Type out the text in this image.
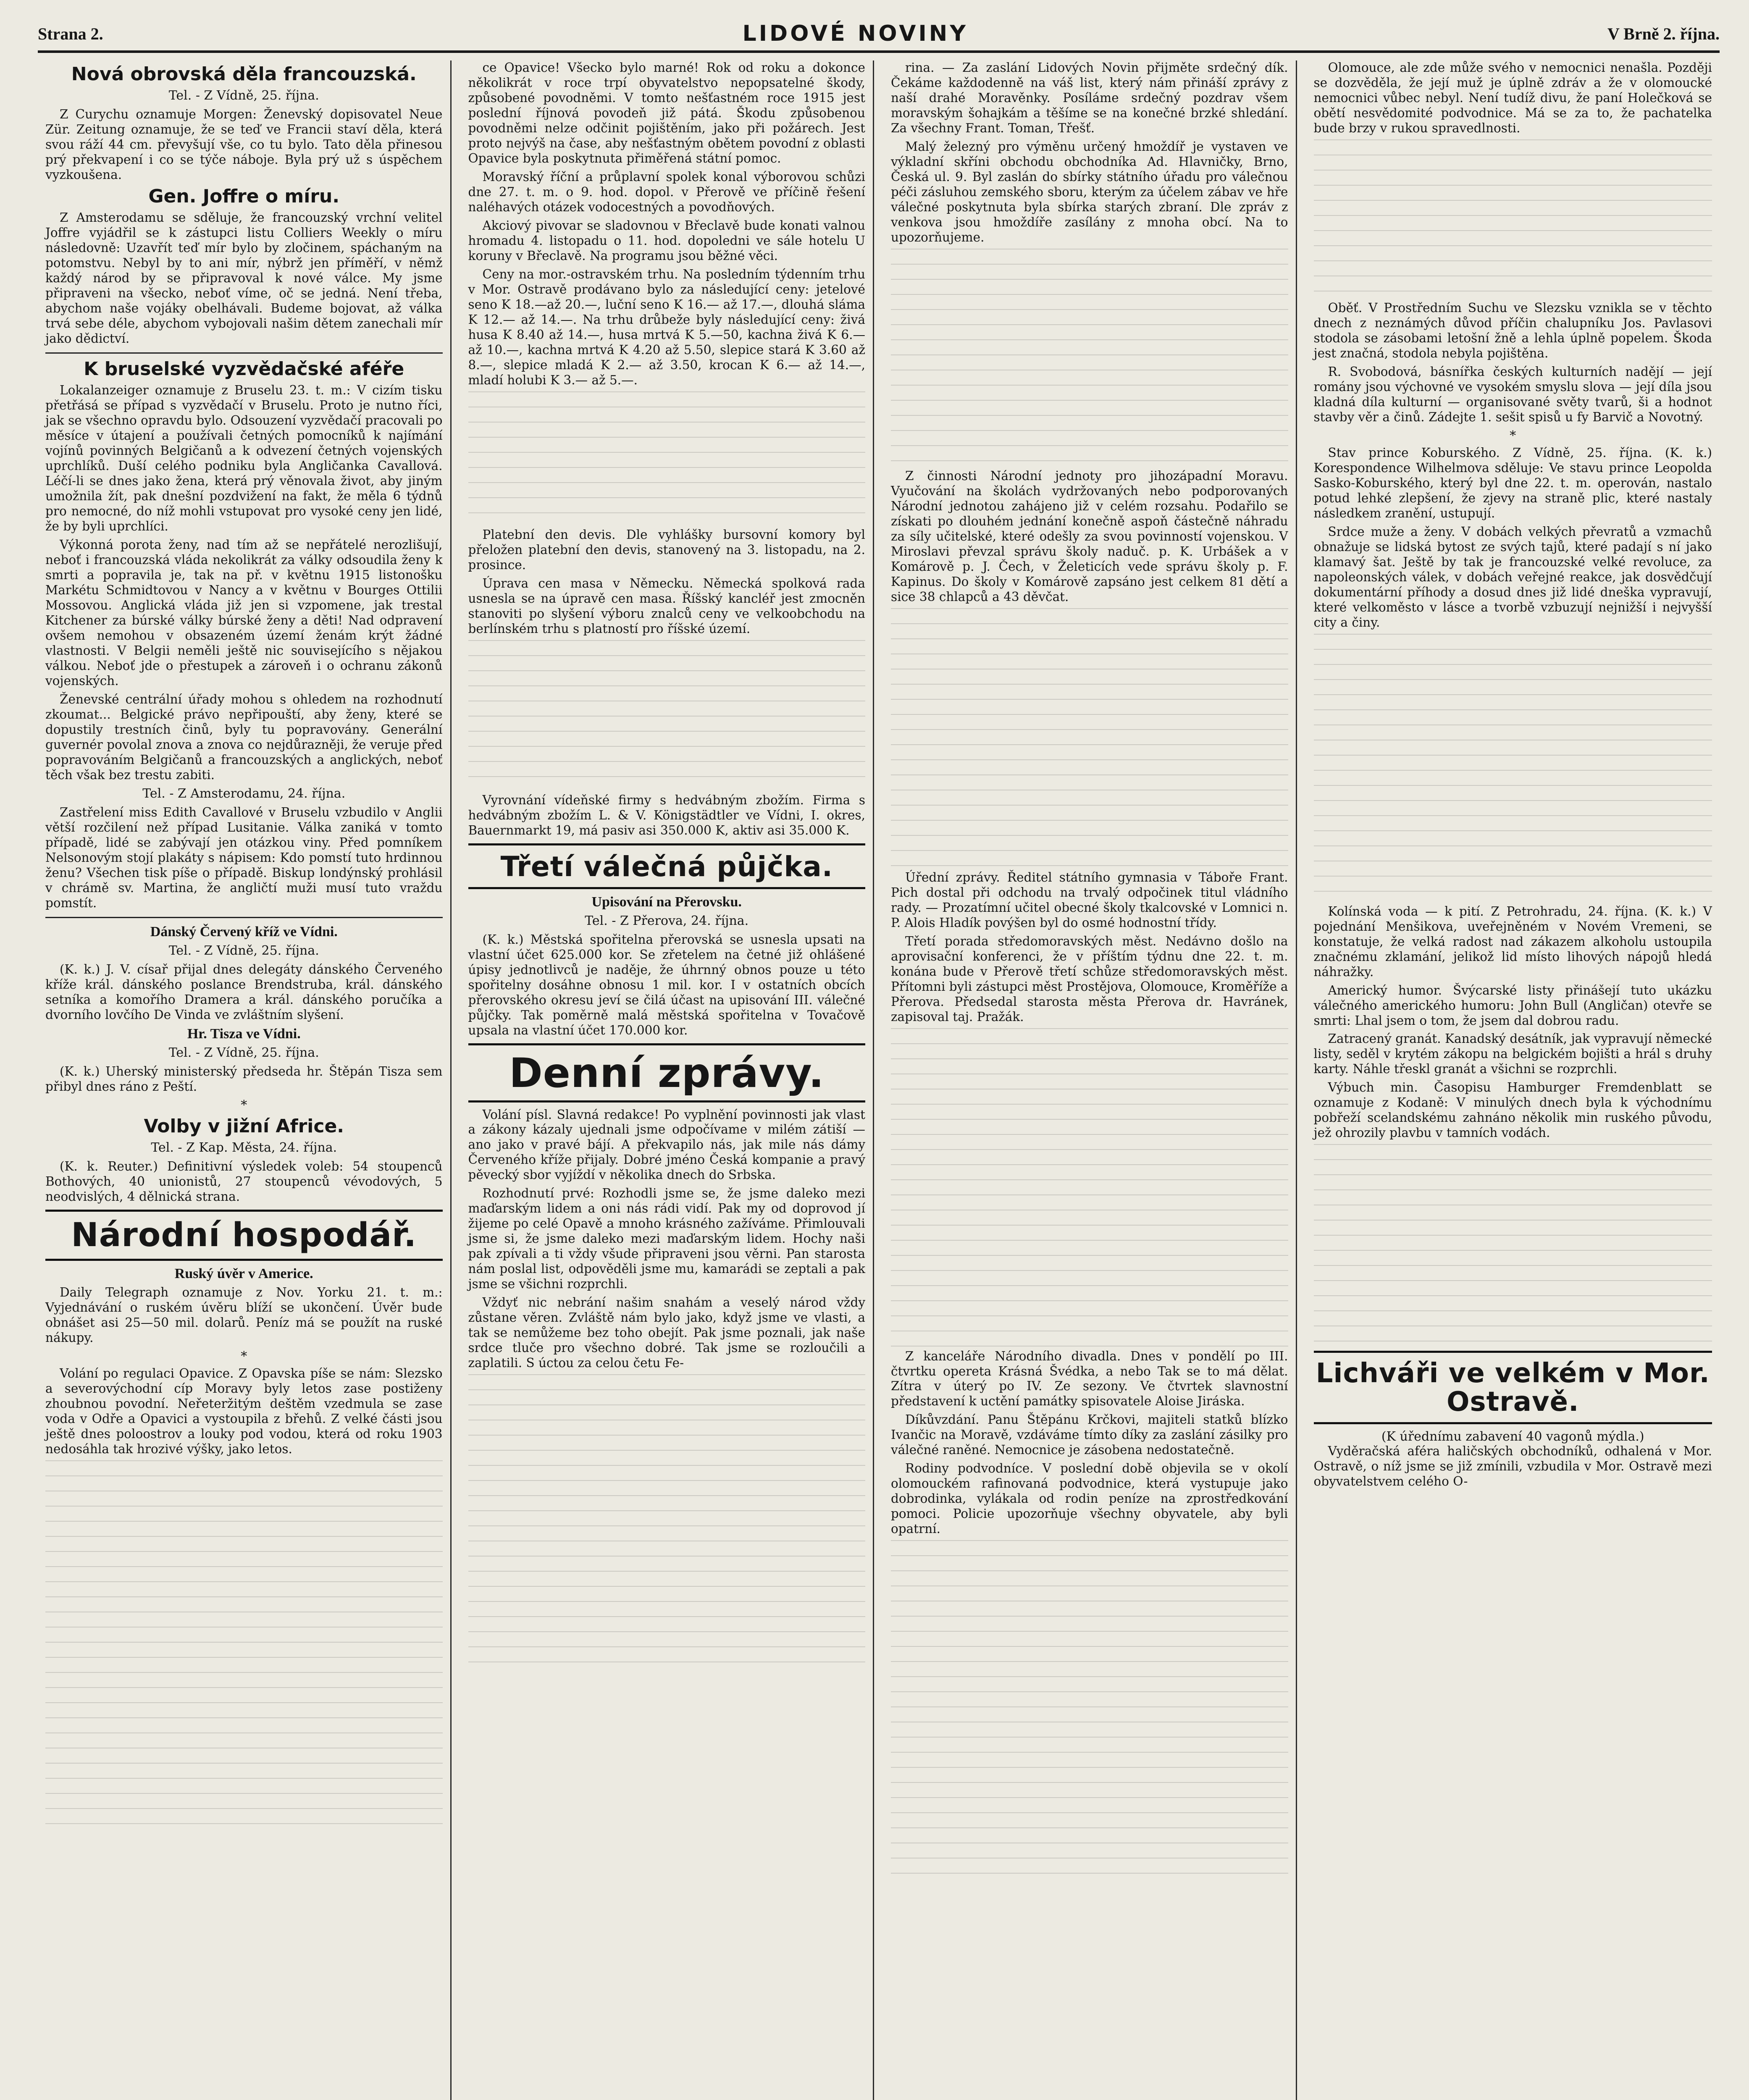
Strana 2.	LIDOVÉ NOVINY	V Brně 2. října.
Nová obrovská děla francouzská.
Tel. - Z Vídně, 25. října.

Z Curychu oznamuje Morgen: Ženevský dopisovatel Neue Zür. Zeitung oznamuje, že se teď ve Francii staví děla, která svou ráží 44 cm. převyšují vše, co tu bylo. Tato děla přinesou prý překvapení i co se týče náboje. Byla prý už s úspěchem vyzkoušena.

Gen. Joffre o míru.

Z Amsterodamu se sděluje, že francouzský vrchní velitel Joffre vyjádřil se k zástupci listu Colliers Weekly o míru následovně: Uzavřít teď mír bylo by zločinem, spáchaným na potomstvu. Nebyl by to ani mír, nýbrž jen příměří, v němž každý národ by se připravoval k nové válce. My jsme připraveni na všecko, neboť víme, oč se jedná. Není třeba, abychom naše vojáky obelhávali. Budeme bojovat, až válka trvá sebe déle, abychom vybojovali našim dětem zanechali mír jako dědictví.

K bruselské vyzvědačské aféře

Lokalanzeiger oznamuje z Bruselu 23. t. m.: V cizím tisku přetřásá se případ s vyzvědačí v Bruselu. Proto je nutno říci, jak se všechno opravdu bylo. Odsouzení vyzvědačí pracovali po měsíce v útajení a používali četných pomocníků k najímání vojínů povinných Belgičanů a k odvezení četných vojenských uprchlíků. Duší celého podniku byla Angličanka Cavallová. Léčí-li se dnes jako žena, která prý věnovala život, aby jiným umožnila žít, pak dnešní pozdvižení na fakt, že měla 6 týdnů pro nemocné, do níž mohli vstupovat pro vysoké ceny jen lidé, že by byli uprchlíci.

Výkonná porota ženy, nad tím až se nepřátelé nerozlišují, neboť i francouzská vláda nekolikrát za války odsoudila ženy k smrti a popravila je, tak na př. v květnu 1915 listonošku Markétu Schmidtovou v Nancy a v květnu v Bourges Ottilii Mossovou. Anglická vláda již jen si vzpomene, jak trestal Kitchener za búrské války búrské ženy a děti! Nad odpravení ovšem nemohou v obsazeném území ženám krýt žádné vlastnosti. V Belgii neměli ještě nic souvisejícího s nějakou válkou. Neboť jde o přestupek a zároveň i o ochranu zákonů vojenských.

Ženevské centrální úřady mohou s ohledem na rozhodnutí zkoumat... Belgické právo nepřipouští, aby ženy, které se dopustily trestních činů, byly tu popravovány. Generální guvernér povolal znova a znova co nejdůrazněji, že veruje před popravováním Belgičanů a francouzských a anglických, neboť těch však bez trestu zabiti.

Tel. - Z Amsterodamu, 24. října.

Zastřelení miss Edith Cavallové v Bruselu vzbudilo v Anglii větší rozčilení než případ Lusitanie. Válka zaniká v tomto případě, lidé se zabývají jen otázkou viny. Před pomníkem Nelsonovým stojí plakáty s nápisem: Kdo pomstí tuto hrdinnou ženu? Všechen tisk píše o případě. Biskup londýnský prohlásil v chrámě sv. Martina, že angličtí muži musí tuto vraždu pomstít.

Dánský Červený kříž ve Vídni.
Tel. - Z Vídně, 25. října.

(K. k.) J. V. císař přijal dnes delegáty dánského Červeného kříže král. dánského poslance Brendstruba, král. dánského setníka a komořího Dramera a král. dánského poručíka a dvorního lovčího De Vinda ve zvláštním slyšení.

Hr. Tisza ve Vídni.
Tel. - Z Vídně, 25. října.

(K. k.) Uherský ministerský předseda hr. Štěpán Tisza sem přibyl dnes ráno z Peští.

*
Volby v jižní Africe.
Tel. - Z Kap. Města, 24. října.

(K. k. Reuter.) Definitivní výsledek voleb: 54 stoupenců Bothových, 40 unionistů, 27 stoupenců vévodových, 5 neodvislých, 4 dělnická strana.

Národní hospodář.
Ruský úvěr v Americe.

Daily Telegraph oznamuje z Nov. Yorku 21. t. m.: Vyjednávání o ruském úvěru blíží se ukončení. Úvěr bude obnášet asi 25—50 mil. dolarů. Peníz má se použít na ruské nákupy.

*

Volání po regulaci Opavice. Z Opavska píše se nám: Slezsko a severovýchodní cíp Moravy byly letos zase postiženy zhoubnou povodní. Neřeteržitým deštěm vzedmula se zase voda v Odře a Opavici a vystoupila z břehů. Z velké části jsou ještě dnes poloostrov a louky pod vodou, která od roku 1903 nedosáhla tak hrozivé výšky, jako letos.

ce Opavice! Všecko bylo marné! Rok od roku a dokonce několikrát v roce trpí obyvatelstvo nepopsatelné škody, způsobené povodněmi. V tomto nešťastném roce 1915 jest poslední říjnová povodeň již pátá. Škodu způsobenou povodněmi nelze odčinit pojištěním, jako při požárech. Jest proto nejvýš na čase, aby nešťastným obětem povodní z oblasti Opavice byla poskytnuta přiměřená státní pomoc.

Moravský říční a průplavní spolek konal výborovou schůzi dne 27. t. m. o 9. hod. dopol. v Přerově ve příčině řešení naléhavých otázek vodocestných a povodňových.

Akciový pivovar se sladovnou v Břeclavě bude konati valnou hromadu 4. listopadu o 11. hod. dopoledni ve sále hotelu U koruny v Břeclavě. Na programu jsou běžné věci.

Ceny na mor.-ostravském trhu. Na posledním týdenním trhu v Mor. Ostravě prodávano bylo za následující ceny: jetelové seno K 18.—až 20.—, luční seno K 16.— až 17.—, dlouhá sláma K 12.— až 14.—. Na trhu drůbeže byly následující ceny: živá husa K 8.40 až 14.—, husa mrtvá K 5.—50, kachna živá K 6.— až 10.—, kachna mrtvá K 4.20 až 5.50, slepice stará K 3.60 až 8.—, slepice mladá K 2.— až 3.50, krocan K 6.— až 14.—, mladí holubi K 3.— až 5.—.

Platební den devis. Dle vyhlášky bursovní komory byl přeložen platební den devis, stanovený na 3. listopadu, na 2. prosince.

Úprava cen masa v Německu. Německá spolková rada usnesla se na úpravě cen masa. Říšský kancléř jest zmocněn stanoviti po slyšení výboru znalců ceny ve velkoobchodu na berlínském trhu s platností pro říšské území.

Vyrovnání vídeňské firmy s hedvábným zbožím. Firma s hedvábným zbožím L. & V. Königstädtler ve Vídni, I. okres, Bauernmarkt 19, má pasiv asi 350.000 K, aktiv asi 35.000 K.

Třetí válečná půjčka.
Upisování na Přerovsku.
Tel. - Z Přerova, 24. října.

(K. k.) Městská spořitelna přerovská se usnesla upsati na vlastní účet 625.000 kor. Se zřetelem na četné již ohlášené úpisy jednotlivců je naděje, že úhrnný obnos pouze u této spořitelny dosáhne obnosu 1 mil. kor. I v ostatních obcích přerovského okresu jeví se čilá účast na upisování III. válečné půjčky. Tak poměrně malá městská spořitelna v Tovačově upsala na vlastní účet 170.000 kor.

Denní zprávy.

Volání písl. Slavná redakce! Po vyplnění povinnosti jak vlast a zákony kázaly ujednali jsme odpočívame v milém zátiší — ano jako v pravé bájí. A překvapilo nás, jak mile nás dámy Červeného kříže přijaly. Dobré jméno Česká kompanie a pravý pěvecký sbor vyjíždí v několika dnech do Srbska.

Rozhodnutí prvé: Rozhodli jsme se, že jsme daleko mezi maďarským lidem a oni nás rádi vidí. Pak my od doprovod jí žijeme po celé Opavě a mnoho krásného zažíváme. Přimlouvali jsme si, že jsme daleko mezi maďarským lidem. Hochy naši pak zpívali a ti vždy všude připraveni jsou věrni. Pan starosta nám poslal list, odpověděli jsme mu, kamarádi se zeptali a pak jsme se všichni rozprchli.

Vždyť nic nebrání našim snahám a veselý národ vždy zůstane věren. Zvláště nám bylo jako, když jsme ve vlasti, a tak se nemůžeme bez toho obejít. Pak jsme poznali, jak naše srdce tluče pro všechno dobré. Tak jsme se rozloučili a zaplatili. S úctou za celou četu Fe-

rina. — Za zaslání Lidových Novin přijměte srdečný dík. Čekáme každodenně na váš list, který nám přináší zprávy z naší drahé Moravěnky. Posíláme srdečný pozdrav všem moravským šohajkám a těšíme se na konečné brzké shledání. Za všechny Frant. Toman, Třešť.

Malý železný pro výměnu určený hmoždíř je vystaven ve výkladní skříni obchodu obchodníka Ad. Hlavničky, Brno, Česká ul. 9. Byl zaslán do sbírky státního úřadu pro válečnou péči zásluhou zemského sboru, kterým za účelem zábav ve hře válečné poskytnuta byla sbírka starých zbraní. Dle zpráv z venkova jsou hmoždíře zasílány z mnoha obcí. Na to upozorňujeme.

Z činnosti Národní jednoty pro jihozápadní Moravu. Vyučování na školách vydržovaných nebo podporovaných Národní jednotou zahájeno již v celém rozsahu. Podařilo se získati po dlouhém jednání konečně aspoň částečně náhradu za síly učitelské, které odešly za svou povinností vojenskou. V Miroslavi převzal správu školy naduč. p. K. Urbášek a v Komárově p. J. Čech, v Želeticích vede správu školy p. F. Kapinus. Do školy v Komárově zapsáno jest celkem 81 dětí a sice 38 chlapců a 43 děvčat.

Úřední zprávy. Ředitel státního gymnasia v Táboře Frant. Pich dostal při odchodu na trvalý odpočinek titul vládního rady. — Prozatímní učitel obecné školy tkalcovské v Lomnici n. P. Alois Hladík povýšen byl do osmé hodnostní třídy.

Třetí porada středomoravských měst. Nedávno došlo na aprovisační konferenci, že v příštím týdnu dne 22. t. m. konána bude v Přerově třetí schůze středomoravských měst. Přítomni byli zástupci měst Prostějova, Olomouce, Kroměříže a Přerova. Předsedal starosta města Přerova dr. Havránek, zapisoval taj. Pražák.

Z kanceláře Národního divadla. Dnes v pondělí po III. čtvrtku opereta Krásná Švédka, a nebo Tak se to má dělat. Zítra v úterý po IV. Ze sezony. Ve čtvrtek slavnostní představení k uctění památky spisovatele Aloise Jiráska.

Díkůvzdání. Panu Štěpánu Krčkovi, majiteli statků blízko Ivančic na Moravě, vzdáváme tímto díky za zaslání zásilky pro válečné raněné. Nemocnice je zásobena nedostatečně.

Rodiny podvodníce. V poslední době objevila se v okolí olomouckém rafinovaná podvodnice, která vystupuje jako dobrodinka, vylákala od rodin peníze na zprostředkování pomoci. Policie upozorňuje všechny obyvatele, aby byli opatrní.

Olomouce, ale zde může svého v nemocnici nenašla. Později se dozvěděla, že její muž je úplně zdráv a že v olomoucké nemocnici vůbec nebyl. Není tudíž divu, že paní Holečková se obětí nesvědomité podvodnice. Má se za to, že pachatelka bude brzy v rukou spravedlnosti.

Oběť. V Prostředním Suchu ve Slezsku vznikla se v těchto dnech z neznámých důvod příčin chalupníku Jos. Pavlasovi stodola se zásobami letošní žně a lehla úplně popelem. Škoda jest značná, stodola nebyla pojištěna.

R. Svobodová, básnířka českých kulturních nadějí — její romány jsou výchovné ve vysokém smyslu slova — její díla jsou kladná díla kulturní — organisované světy tvarů, ši a hodnot stavby věr a činů. Zádejte 1. sešit spisů u fy Barvič a Novotný.

*

Stav prince Koburského. Z Vídně, 25. října. (K. k.) Korespondence Wilhelmova sděluje: Ve stavu prince Leopolda Sasko-Koburského, který byl dne 22. t. m. operován, nastalo potud lehké zlepšení, že zjevy na straně plic, které nastaly následkem zranění, ustupují.

Srdce muže a ženy. V dobách velkých převratů a vzmachů obnažuje se lidská bytost ze svých tajů, které padají s ní jako klamavý šat. Ještě by tak je francouzské velké revoluce, za napoleonských válek, v dobách veřejné reakce, jak dosvědčují dokumentární příhody a dosud dnes již lidé dneška vypravují, které velkoměsto v lásce a tvorbě vzbuzují nejnižší i nejvyšší city a činy.

Kolínská voda — k pití. Z Petrohradu, 24. října. (K. k.) V pojednání Menšikova, uveřejněném v Novém Vremeni, se konstatuje, že velká radost nad zákazem alkoholu ustoupila značnému zklamání, jelikož lid místo lihových nápojů hledá náhražky.

Americký humor. Švýcarské listy přinášejí tuto ukázku válečného amerického humoru: John Bull (Angličan) otevře se smrti: Lhal jsem o tom, že jsem dal dobrou radu.

Zatracený granát. Kanadský desátník, jak vypravují německé listy, seděl v krytém zákopu na belgickém bojišti a hrál s druhy karty. Náhle třeskl granát a všichni se rozprchli.

Výbuch min. Časopisu Hamburger Fremdenblatt se oznamuje z Kodaně: V minulých dnech byla k východnímu pobřeží scelandskému zahnáno několik min ruského původu, jež ohrozily plavbu v tamních vodách.

Lichváři ve velkém v Mor. Ostravě.
(K úřednímu zabavení 40 vagonů mýdla.)

Vyděračská aféra haličských obchodníků, odhalená v Mor. Ostravě, o níž jsme se již zmínili, vzbudila v Mor. Ostravě mezi obyvatelstvem celého O-
